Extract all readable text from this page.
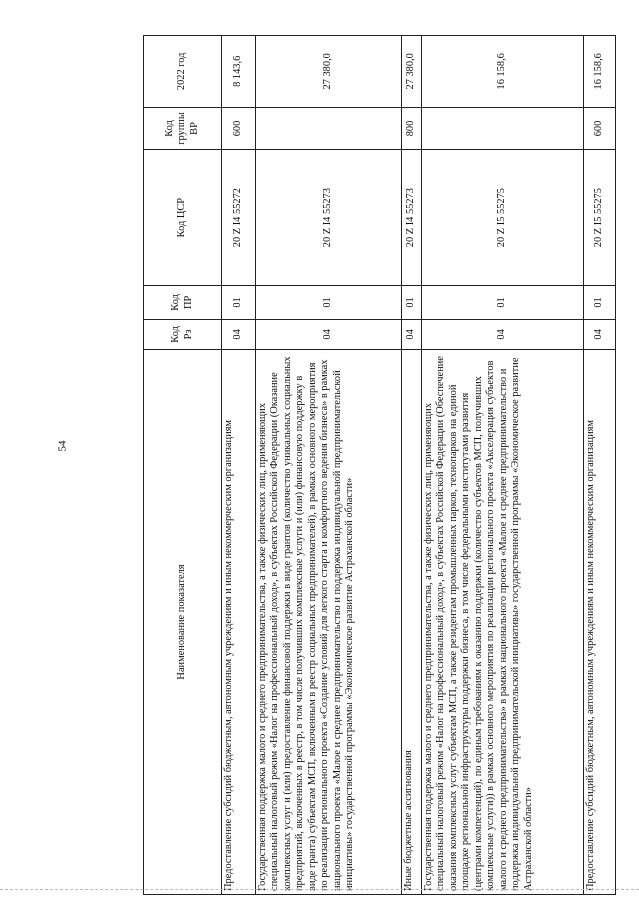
54
Наименование показателя	Код Рз	Код ПР	Код ЦСР	Код группы ВР	2022 год
Предоставление субсидий бюджетным, автономным учреждениям и иным некоммерческим организациям	04	01	20 Z I4 55272	600	8 143,6
Государственная поддержка малого и среднего предпринимательства, а также физических лиц, применяющих специальный налоговый режим «Налог на профессиональный доход», в субъектах Российской Федерации (Оказание комплексных услуг и (или) предоставление финансовой поддержки в виде грантов (количество уникальных социальных предприятий, включенных в реестр, в том числе получивших комплексные услуги и (или) финансовую поддержку в виде гранта) субъектам МСП, включенным в реестр социальных предпринимателей), в рамках основного мероприятия по реализации регионального проекта «Создание условий для легкого старта и комфортного ведения бизнеса» в рамках национального проекта «Малое и среднее предпринимательство и поддержка индивидуальной предпринимательской инициативы» государственной программы «Экономическое развитие Астраханской области»	04	01	20 Z I4 55273		27 380,0
Иные бюджетные ассигнования	04	01	20 Z I4 55273	800	27 380,0
Государственная поддержка малого и среднего предпринимательства, а также физических лиц, применяющих специальный налоговый режим «Налог на профессиональный доход», в субъектах Российской Федерации (Обеспечение оказания комплексных услуг субъектам МСП, а также резидентам промышленных парков, технопарков на единой площадке региональной инфраструктуры поддержки бизнеса, в том числе федеральными институтами развития (центрами компетенций), по единым требованиям к оказанию поддержки (количество субъектов МСП, получивших комплексные услуги)) в рамках основного мероприятия по реализации регионального проекта «Акселерация субъектов малого и среднего предпринимательства» в рамках национального проекта «Малое и среднее предпринимательство и поддержка индивидуальной предпринимательской инициативы» государственной программы «Экономическое развитие Астраханской области»	04	01	20 Z I5 55275		16 158,6
Предоставление субсидий бюджетным, автономным учреждениям и иным некоммерческим организациям	04	01	20 Z I5 55275	600	16 158,6
